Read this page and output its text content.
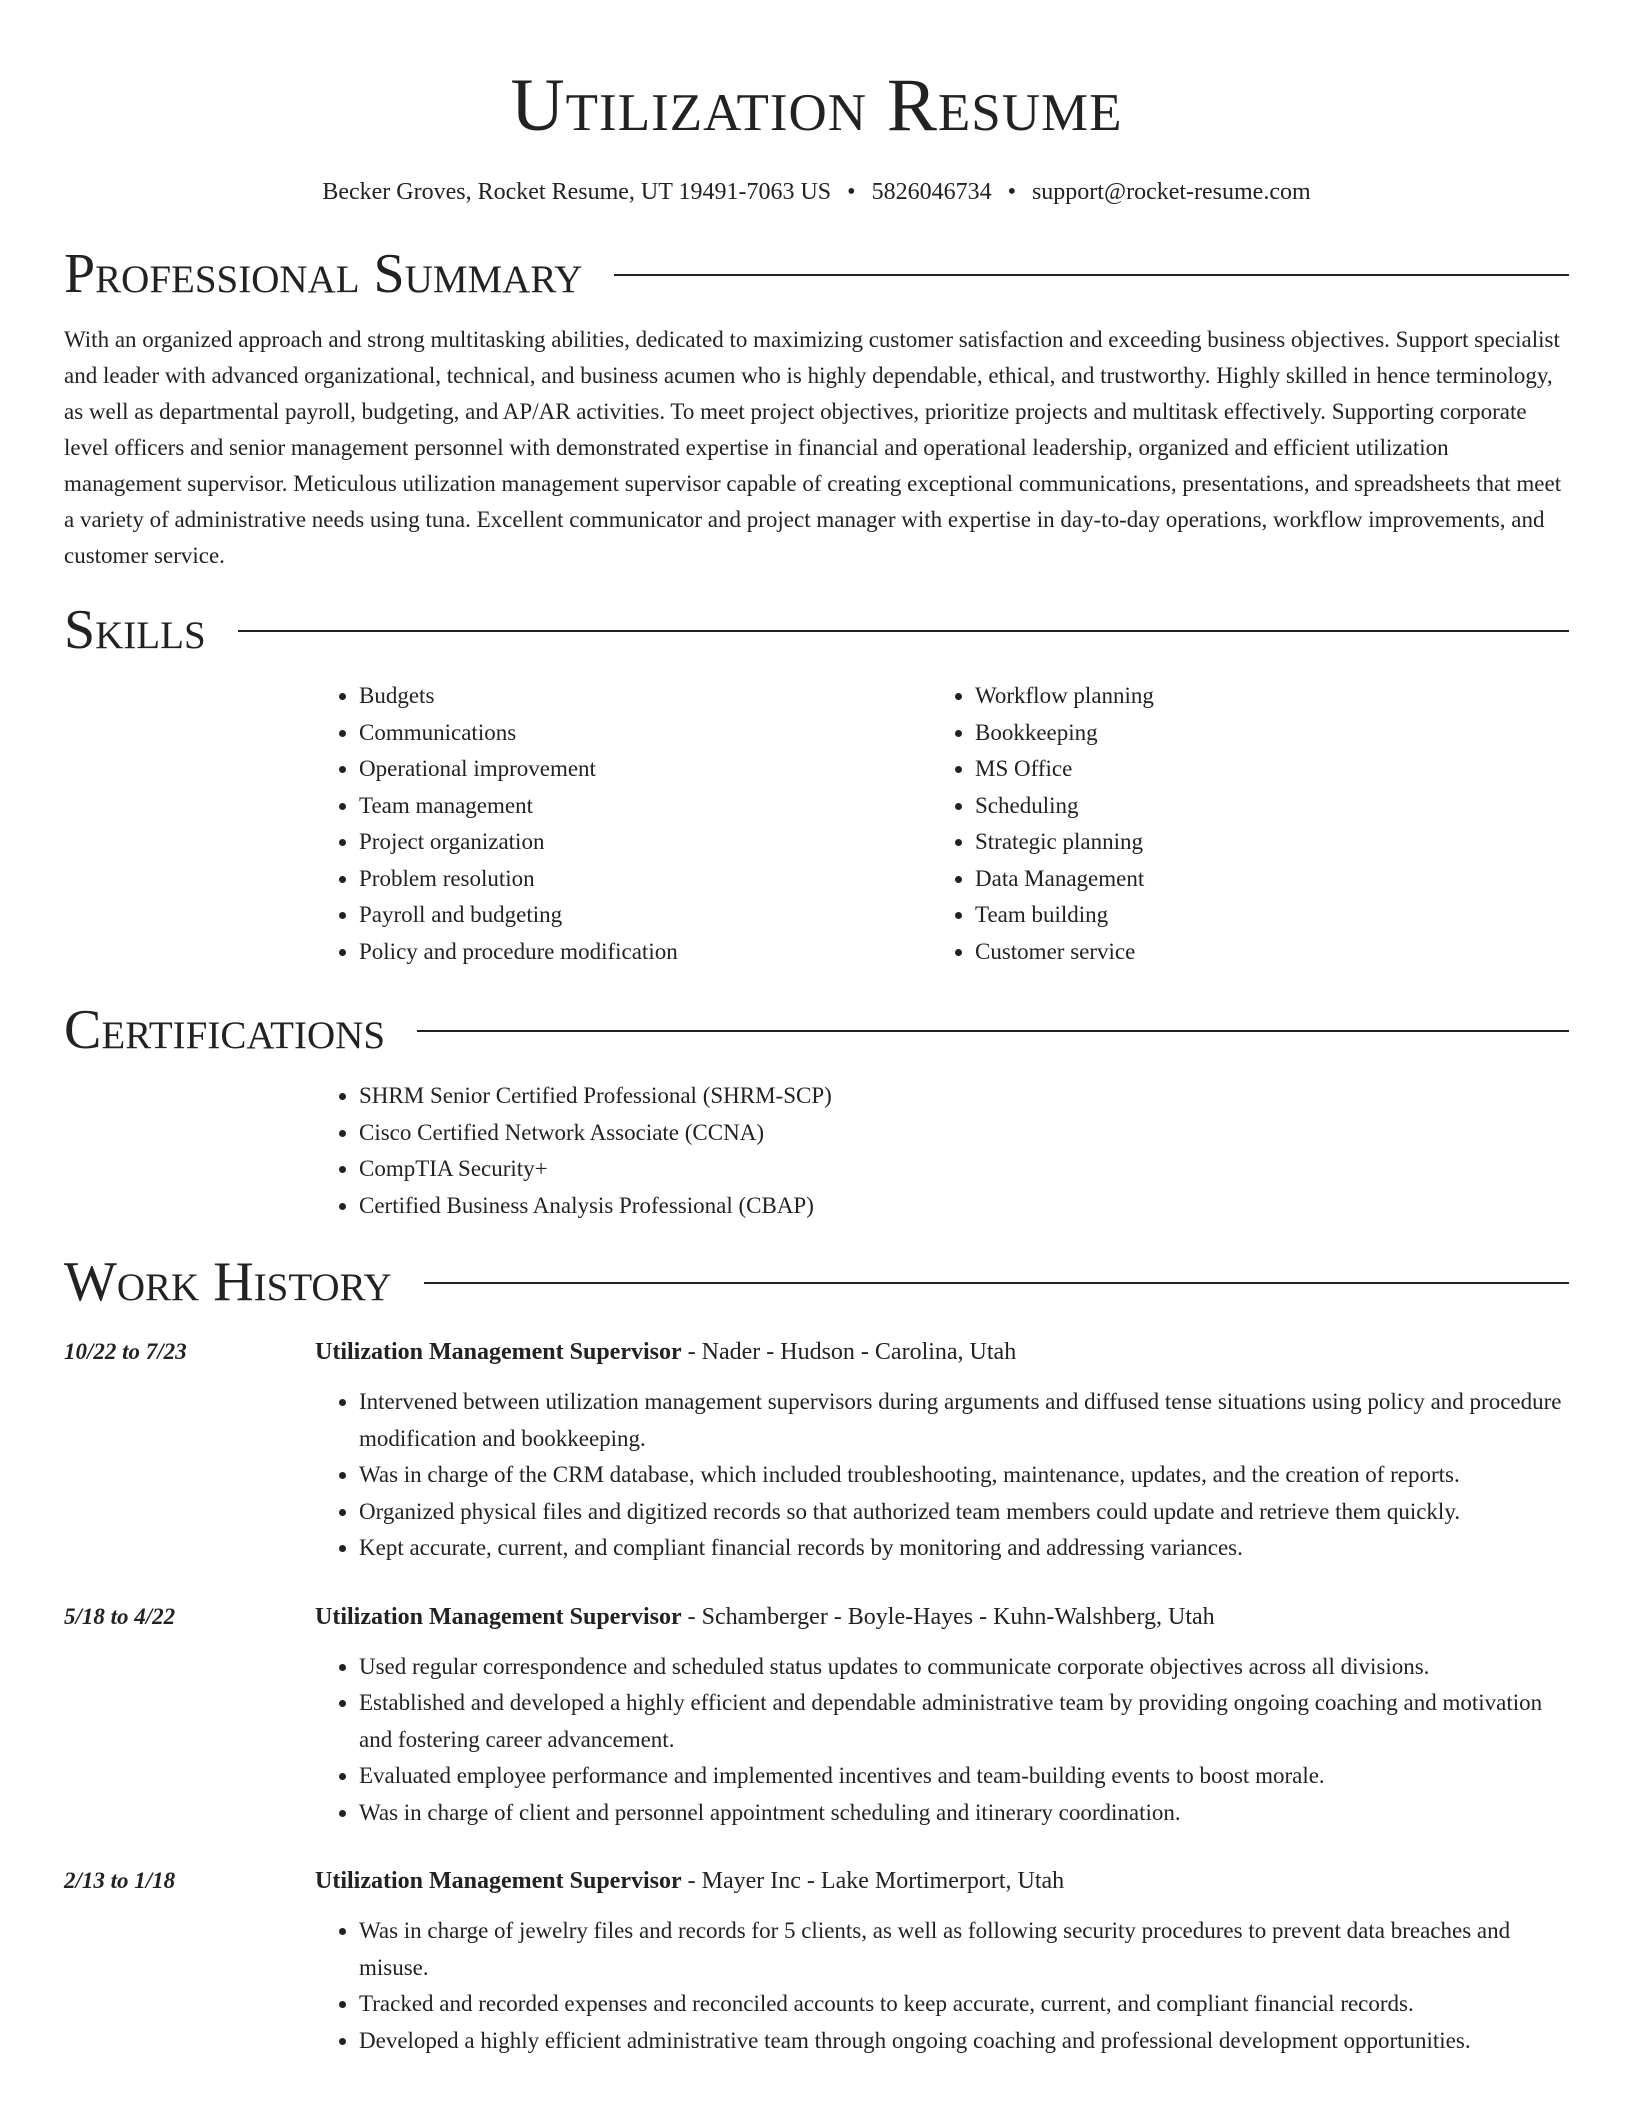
Utilization Resume
Becker Groves, Rocket Resume, UT 19491-7063 US • 5826046734 • support@rocket-resume.com
Professional Summary

With an organized approach and strong multitasking abilities, dedicated to maximizing customer satisfaction and exceeding business objectives. Support specialist and leader with advanced organizational, technical, and business acumen who is highly dependable, ethical, and trustworthy. Highly skilled in hence terminology, as well as departmental payroll, budgeting, and AP/AR activities. To meet project objectives, prioritize projects and multitask effectively. Supporting corporate level officers and senior management personnel with demonstrated expertise in financial and operational leadership, organized and efficient utilization management supervisor. Meticulous utilization management supervisor capable of creating exceptional communications, presentations, and spreadsheets that meet a variety of administrative needs using tuna. Excellent communicator and project manager with expertise in day-to-day operations, workflow improvements, and customer service.

Skills
• Budgets
• Communications
• Operational improvement
• Team management
• Project organization
• Problem resolution
• Payroll and budgeting
• Policy and procedure modification
• Workflow planning
• Bookkeeping
• MS Office
• Scheduling
• Strategic planning
• Data Management
• Team building
• Customer service
Certifications
• SHRM Senior Certified Professional (SHRM-SCP)
• Cisco Certified Network Associate (CCNA)
• CompTIA Security+
• Certified Business Analysis Professional (CBAP)
Work History
10/22 to 7/23	Utilization Management Supervisor - Nader - Hudson - Carolina, Utah
• Intervened between utilization management supervisors during arguments and diffused tense situations using policy and procedure modification and bookkeeping.
• Was in charge of the CRM database, which included troubleshooting, maintenance, updates, and the creation of reports.
• Organized physical files and digitized records so that authorized team members could update and retrieve them quickly.
• Kept accurate, current, and compliant financial records by monitoring and addressing variances.
5/18 to 4/22	Utilization Management Supervisor - Schamberger - Boyle-Hayes - Kuhn-Walshberg, Utah
• Used regular correspondence and scheduled status updates to communicate corporate objectives across all divisions.
• Established and developed a highly efficient and dependable administrative team by providing ongoing coaching and motivation and fostering career advancement.
• Evaluated employee performance and implemented incentives and team-building events to boost morale.
• Was in charge of client and personnel appointment scheduling and itinerary coordination.
2/13 to 1/18	Utilization Management Supervisor - Mayer Inc - Lake Mortimerport, Utah
• Was in charge of jewelry files and records for 5 clients, as well as following security procedures to prevent data breaches and misuse.
• Tracked and recorded expenses and reconciled accounts to keep accurate, current, and compliant financial records.
• Developed a highly efficient administrative team through ongoing coaching and professional development opportunities.
